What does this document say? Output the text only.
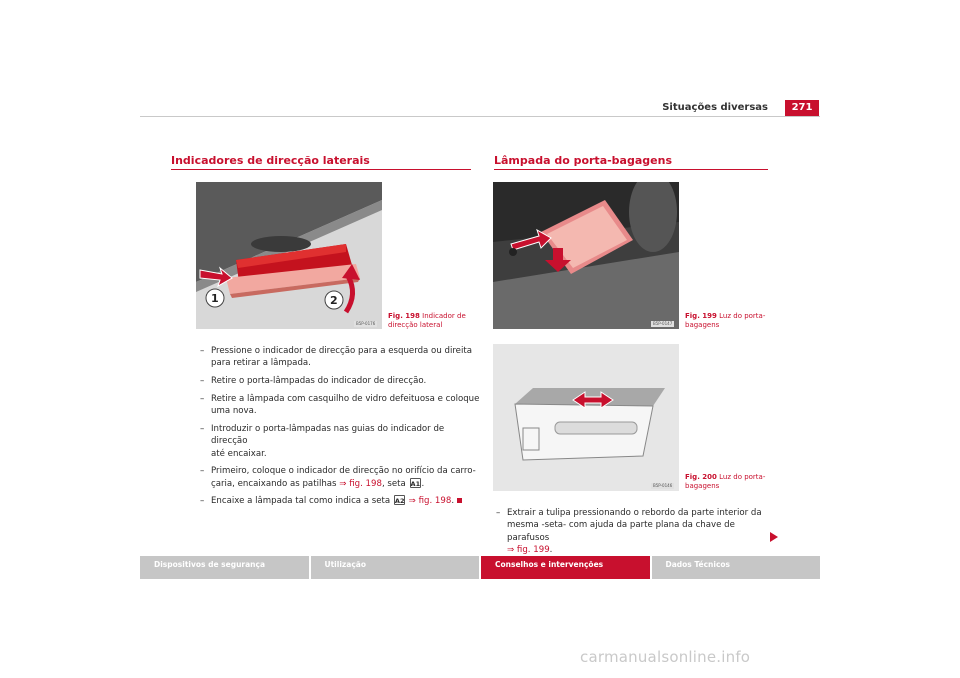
Situações diversas	271
Indicadores de direcção laterais
1	2
B5P-0176
Fig. 198 Indicador de
direcção lateral
– Pressione o indicador de direcção para a esquerda ou direita
para retirar a lâmpada.
– Retire o porta-lâmpadas do indicador de direcção.
– Retire a lâmpada com casquilho de vidro defeituosa e coloque
uma nova.
– Introduzir o porta-lâmpadas nas guias do indicador de direcção
até encaixar.
– Primeiro, coloque o indicador de direcção no orifício da carro-
çaria, encaixando as patilhas ⇒ fig. 198, seta A1.
– Encaixe a lâmpada tal como indica a seta A2 ⇒ fig. 198.
Lâmpada do porta-bagagens
B5P-0147
Fig. 199 Luz do porta-
bagagens
B5P-0146
Fig. 200 Luz do porta-
bagagens
– Extrair a tulipa pressionando o rebordo da parte interior da
mesma -seta- com ajuda da parte plana da chave de parafusos
⇒ fig. 199.
Dispositivos de segurança	Utilização	Conselhos e intervenções	Dados Técnicos
carmanualsonline.info
